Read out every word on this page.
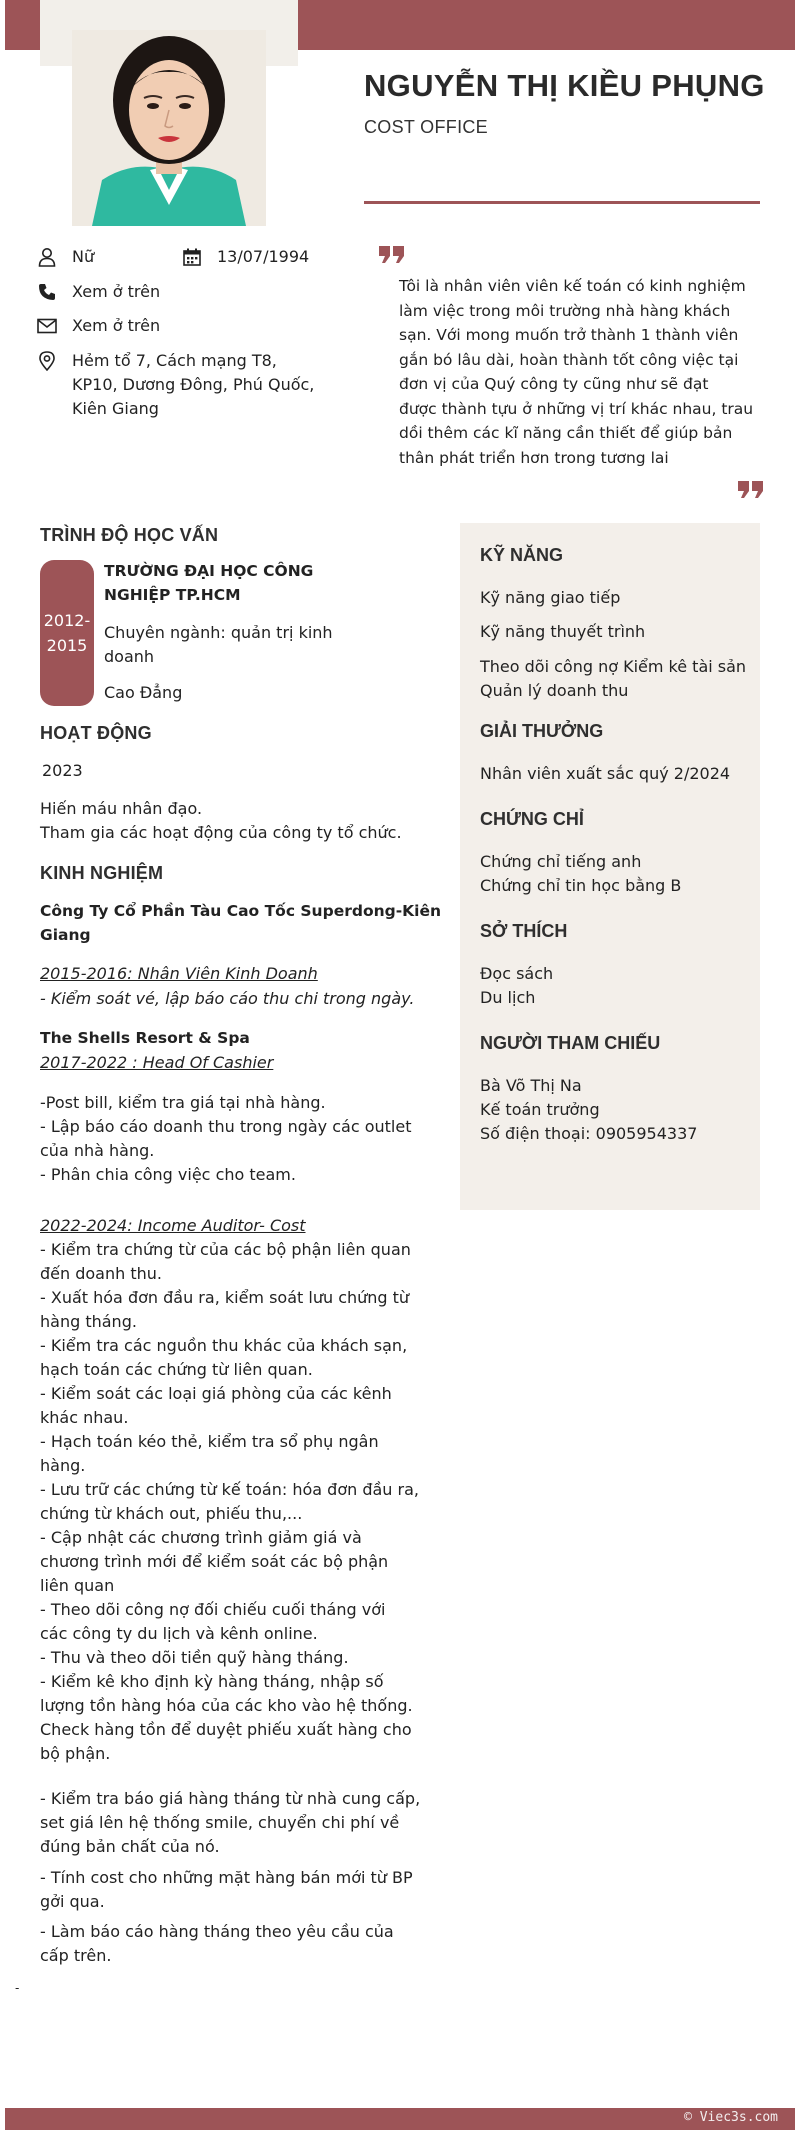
NGUYỄN THỊ KIỀU PHỤNG
COST OFFICE
Nữ	13/07/1994
Xem ở trên
Xem ở trên
Hẻm tổ 7, Cách mạng T8,
KP10, Dương Đông, Phú Quốc,
Kiên Giang
Tôi là nhân viên viên kế toán có kinh nghiệm
làm việc trong môi trường nhà hàng khách
sạn. Với mong muốn trở thành 1 thành viên
gắn bó lâu dài, hoàn thành tốt công việc tại
đơn vị của Quý công ty cũng như sẽ đạt
được thành tựu ở những vị trí khác nhau, trau
dồi thêm các kĩ năng cần thiết để giúp bản
thân phát triển hơn trong tương lai
TRÌNH ĐỘ HỌC VẤN
2012-
2015
TRƯỜNG ĐẠI HỌC CÔNG
NGHIỆP TP.HCM
Chuyên ngành: quản trị kinh
doanh
Cao Đẳng
HOẠT ĐỘNG
2023
Hiến máu nhân đạo.
Tham gia các hoạt động của công ty tổ chức.
KINH NGHIỆM
Công Ty Cổ Phần Tàu Cao Tốc Superdong-Kiên
Giang
2015-2016: Nhân Viên Kinh Doanh
- Kiểm soát vé, lập báo cáo thu chi trong ngày.
The Shells Resort & Spa
2017-2022 : Head Of Cashier
-Post bill, kiểm tra giá tại nhà hàng.
- Lập báo cáo doanh thu trong ngày các outlet
của nhà hàng.
- Phân chia công việc cho team.
2022-2024: Income Auditor- Cost
- Kiểm tra chứng từ của các bộ phận liên quan
đến doanh thu.
- Xuất hóa đơn đầu ra, kiểm soát lưu chứng từ
hàng tháng.
- Kiểm tra các nguồn thu khác của khách sạn,
hạch toán các chứng từ liên quan.
- Kiểm soát các loại giá phòng của các kênh
khác nhau.
- Hạch toán kéo thẻ, kiểm tra sổ phụ ngân
hàng.
- Lưu trữ các chứng từ kế toán: hóa đơn đầu ra,
chứng từ khách out, phiếu thu,...
- Cập nhật các chương trình giảm giá và
chương trình mới để kiểm soát các bộ phận
liên quan
- Theo dõi công nợ đối chiếu cuối tháng với
các công ty du lịch và kênh online.
- Thu và theo dõi tiền quỹ hàng tháng.
- Kiểm kê kho định kỳ hàng tháng, nhập số
lượng tồn hàng hóa của các kho vào hệ thống.
Check hàng tồn để duyệt phiếu xuất hàng cho
bộ phận.
- Kiểm tra báo giá hàng tháng từ nhà cung cấp,
set giá lên hệ thống smile, chuyển chi phí về
đúng bản chất của nó.
- Tính cost cho những mặt hàng bán mới từ BP
gởi qua.
- Làm báo cáo hàng tháng theo yêu cầu của
cấp trên.
-
KỸ NĂNG
Kỹ năng giao tiếp
Kỹ năng thuyết trình
Theo dõi công nợ Kiểm kê tài sản
Quản lý doanh thu
GIẢI THƯỞNG
Nhân viên xuất sắc quý 2/2024
CHỨNG CHỈ
Chứng chỉ tiếng anh
Chứng chỉ tin học bằng B
SỞ THÍCH
Đọc sách
Du lịch
NGƯỜI THAM CHIẾU
Bà Võ Thị Na
Kế toán trưởng
Số điện thoại: 0905954337
© Viec3s.com
